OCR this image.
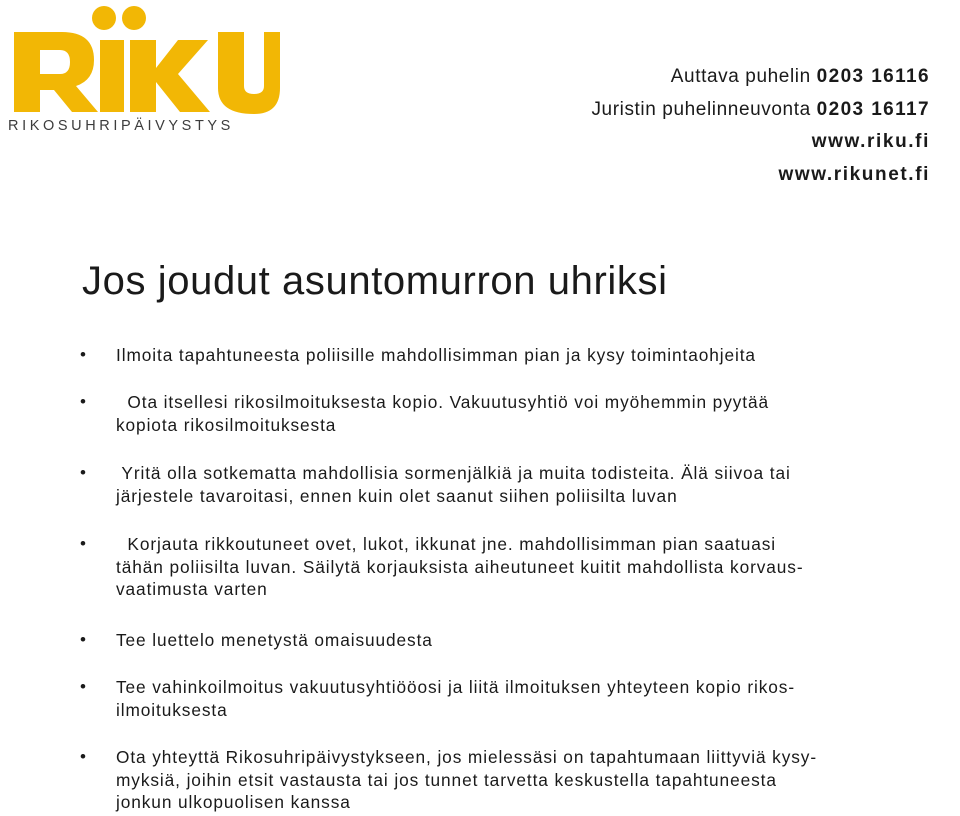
RIKOSUHRIPÄIVYSTYS
Auttava puhelin 0203 16116
Juristin puhelinneuvonta 0203 16117
www.riku.fi
www.rikunet.fi
Jos joudut asuntomurron uhriksi
• Ilmoita tapahtuneesta poliisille mahdollisimman pian ja kysy toimintaohjeita
• Ota itsellesi rikosilmoituksesta kopio. Vakuutusyhtiö voi myöhemmin pyytää
kopiota rikosilmoituksesta
• Yritä olla sotkematta mahdollisia sormenjälkiä ja muita todisteita. Älä siivoa tai
järjestele tavaroitasi, ennen kuin olet saanut siihen poliisilta luvan
• Korjauta rikkoutuneet ovet, lukot, ikkunat jne. mahdollisimman pian saatuasi
tähän poliisilta luvan. Säilytä korjauksista aiheutuneet kuitit mahdollista korvaus-
vaatimusta varten
• Tee luettelo menetystä omaisuudesta
• Tee vahinkoilmoitus vakuutusyhtiööosi ja liitä ilmoituksen yhteyteen kopio rikos-
ilmoituksesta
• Ota yhteyttä Rikosuhripäivystykseen, jos mielessäsi on tapahtumaan liittyviä kysy-
myksiä, joihin etsit vastausta tai jos tunnet tarvetta keskustella tapahtuneesta
jonkun ulkopuolisen kanssa
